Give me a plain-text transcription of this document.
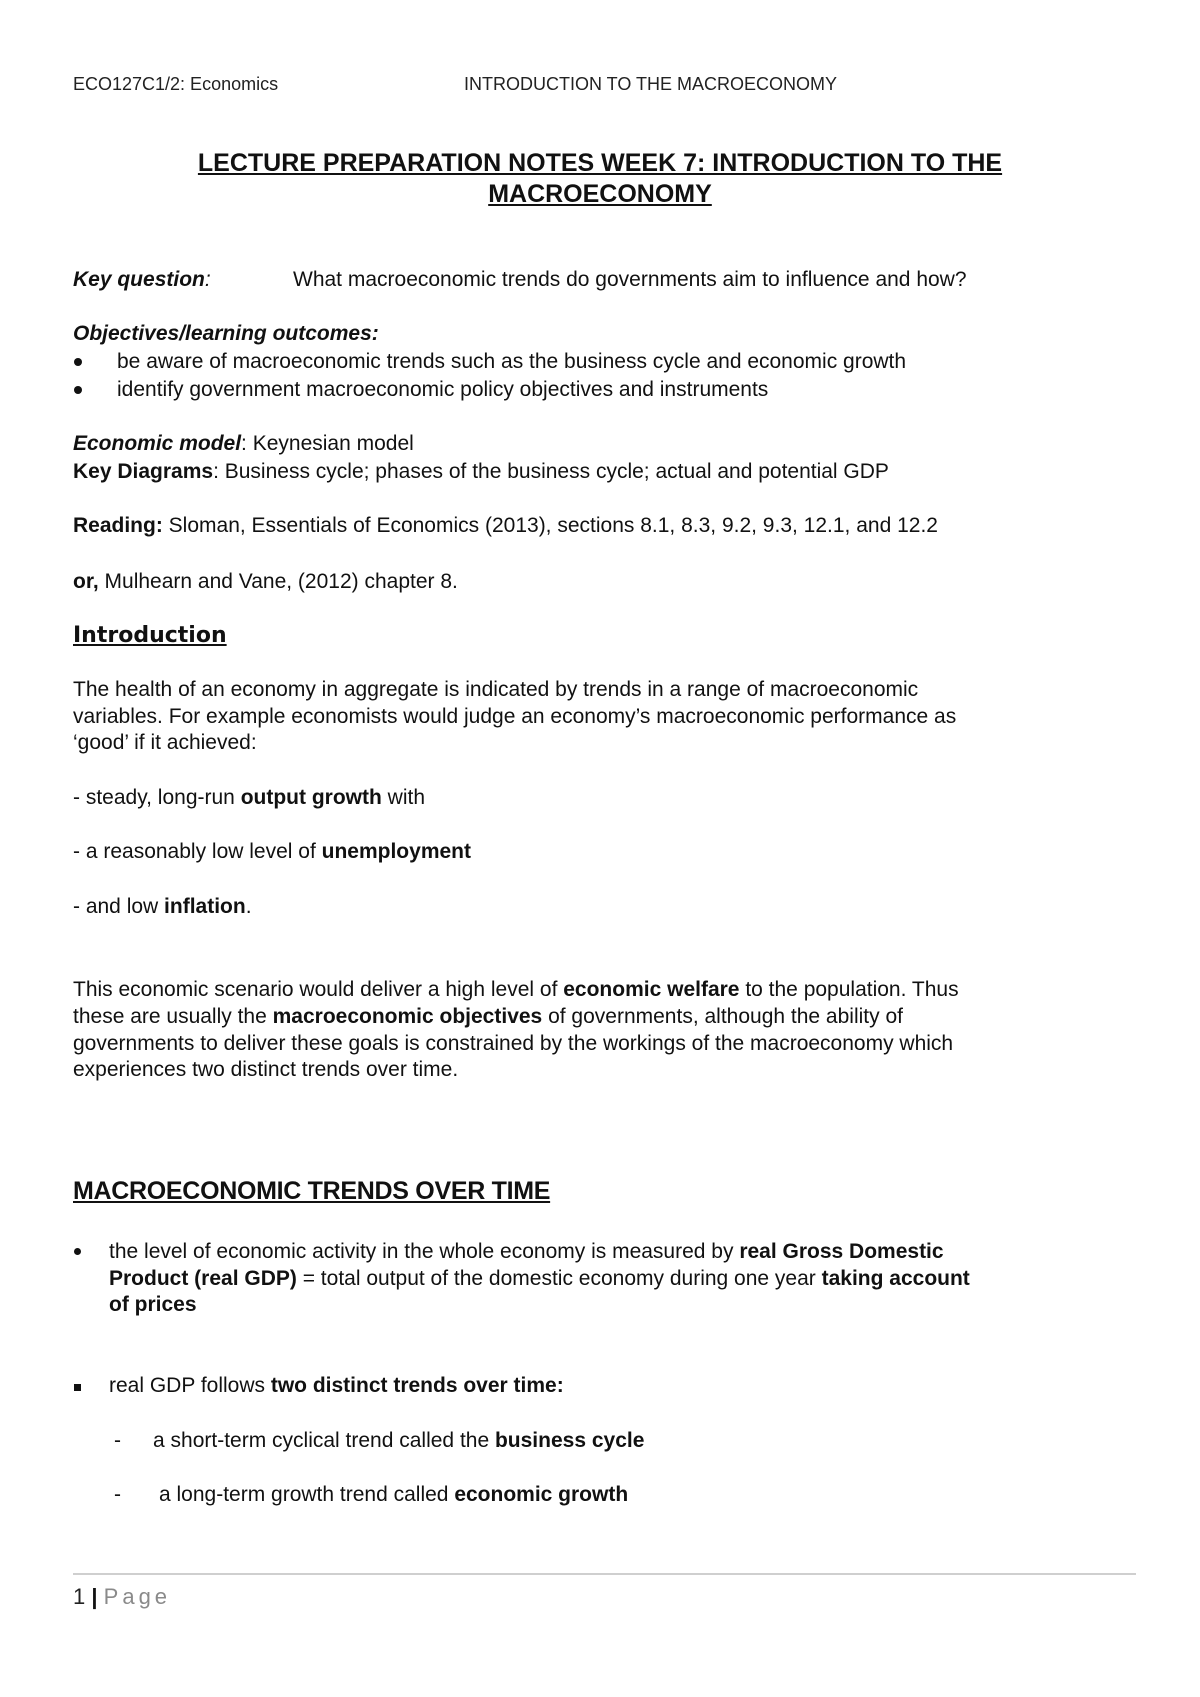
ECO127C1/2: Economics	INTRODUCTION TO THE MACROECONOMY
LECTURE PREPARATION NOTES WEEK 7: INTRODUCTION TO THE
MACROECONOMY
Key question:	What macroeconomic trends do governments aim to influence and how?
Objectives/learning outcomes:
be aware of macroeconomic trends such as the business cycle and economic growth
identify government macroeconomic policy objectives and instruments
Economic model: Keynesian model
Key Diagrams: Business cycle; phases of the business cycle; actual and potential GDP
Reading: Sloman, Essentials of Economics (2013), sections 8.1, 8.3, 9.2, 9.3, 12.1, and 12.2
or, Mulhearn and Vane, (2012) chapter 8.
Introduction
The health of an economy in aggregate is indicated by trends in a range of macroeconomic
variables. For example economists would judge an economy’s macroeconomic performance as
‘good’ if it achieved:
- steady, long-run output growth with
- a reasonably low level of unemployment
- and low inflation.
This economic scenario would deliver a high level of economic welfare to the population. Thus
these are usually the macroeconomic objectives of governments, although the ability of
governments to deliver these goals is constrained by the workings of the macroeconomy which
experiences two distinct trends over time.
MACROECONOMIC TRENDS OVER TIME
the level of economic activity in the whole economy is measured by real Gross Domestic
Product (real GDP) = total output of the domestic economy during one year taking account
of prices
real GDP follows two distinct trends over time:
- a short-term cyclical trend called the business cycle
- a long-term growth trend called economic growth
1 | Page
